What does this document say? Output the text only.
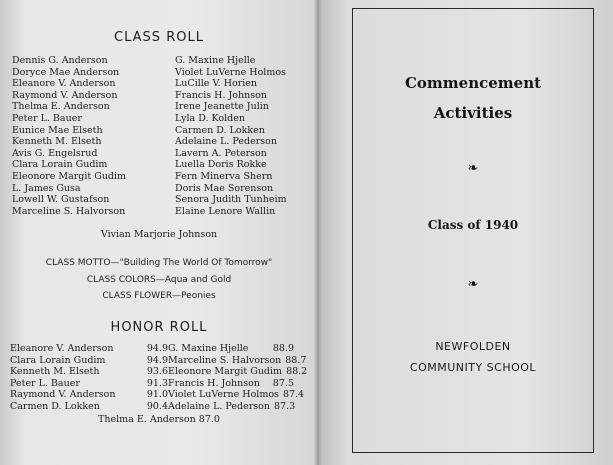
CLASS ROLL
Dennis G. Anderson
Doryce Mae Anderson
Eleanore V. Anderson
Raymond V. Anderson
Thelma E. Anderson
Peter L. Bauer
Eunice Mae Elseth
Kenneth M. Elseth
Avis G. Engelsrud
Clara Lorain Gudim
Eleonore Margit Gudim
L. James Gusa
Lowell W. Gustafson
Marceline S. Halvorson
G. Maxine Hjelle
Violet LuVerne Holmos
LuCille V. Horien
Francis H. Johnson
Irene Jeanette Julin
Lyla D. Kolden
Carmen D. Lokken
Adelaine L. Pederson
Lavern A. Peterson
Luella Doris Rokke
Fern Minerva Shern
Doris Mae Sorenson
Senora Judith Tunheim
Elaine Lenore Wallin
Vivian Marjorie Johnson
CLASS MOTTO—"Building The World Of Tomorrow"
CLASS COLORS—Aqua and Gold
CLASS FLOWER—Peonies
HONOR ROLL
Eleanore V. Anderson	94.9
Clara Lorain Gudim	94.9
Kenneth M. Elseth	93.6
Peter L. Bauer	91.3
Raymond V. Anderson	91.0
Carmen D. Lokken	90.4
G. Maxine Hjelle	88.9
Marceline S. Halvorson 88.7
Eleonore Margit Gudim 88.2
Francis H. Johnson	87.5
Violet LuVerne Holmos 87.4
Adelaine L. Pederson 87.3
Thelma E. Anderson 87.0
Commencement
Activities
❧
Class of 1940
❧
NEWFOLDEN
COMMUNITY SCHOOL
